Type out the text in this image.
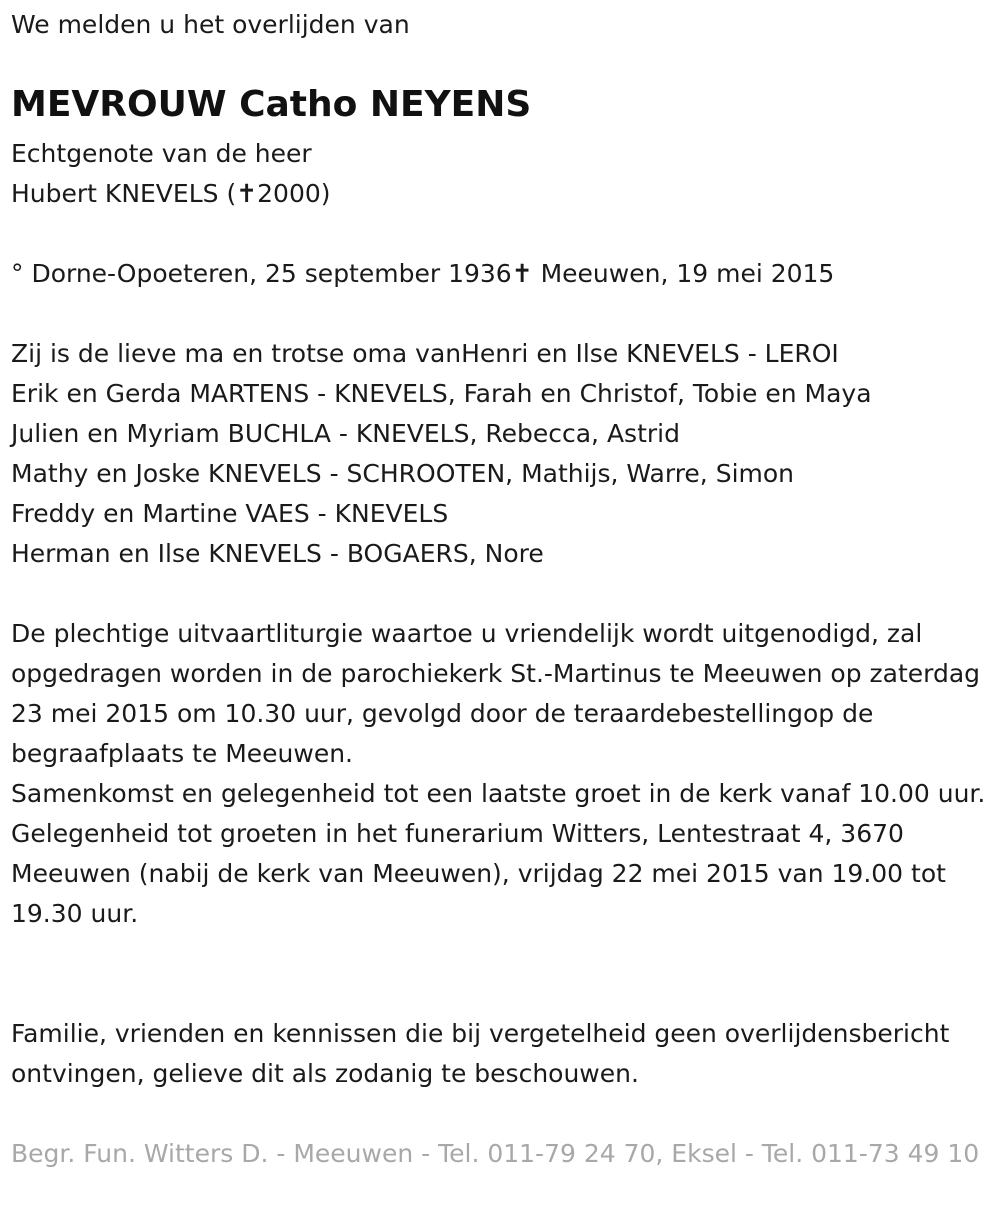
We melden u het overlijden van
MEVROUW Catho NEYENS
Echtgenote van de heer
Hubert KNEVELS (✝2000)
° Dorne-Opoeteren, 25 september 1936✝ Meeuwen, 19 mei 2015
Zij is de lieve ma en trotse oma vanHenri en Ilse KNEVELS - LEROI
Erik en Gerda MARTENS - KNEVELS, Farah en Christof, Tobie en Maya
Julien en Myriam BUCHLA - KNEVELS, Rebecca, Astrid
Mathy en Joske KNEVELS - SCHROOTEN, Mathijs, Warre, Simon
Freddy en Martine VAES - KNEVELS
Herman en Ilse KNEVELS - BOGAERS, Nore
De plechtige uitvaartliturgie waartoe u vriendelijk wordt uitgenodigd, zal opgedragen worden in de parochiekerk St.-Martinus te Meeuwen op zaterdag 23 mei 2015 om 10.30 uur, gevolgd door de teraardebestellingop de begraafplaats te Meeuwen.
Samenkomst en gelegenheid tot een laatste groet in de kerk vanaf 10.00 uur.
Gelegenheid tot groeten in het funerarium Witters, Lentestraat 4, 3670 Meeuwen (nabij de kerk van Meeuwen), vrijdag 22 mei 2015 van 19.00 tot 19.30 uur.
Familie, vrienden en kennissen die bij vergetelheid geen overlijdensbericht ontvingen, gelieve dit als zodanig te beschouwen.
Begr. Fun. Witters D. - Meeuwen - Tel. 011-79 24 70, Eksel - Tel. 011-73 49 10
